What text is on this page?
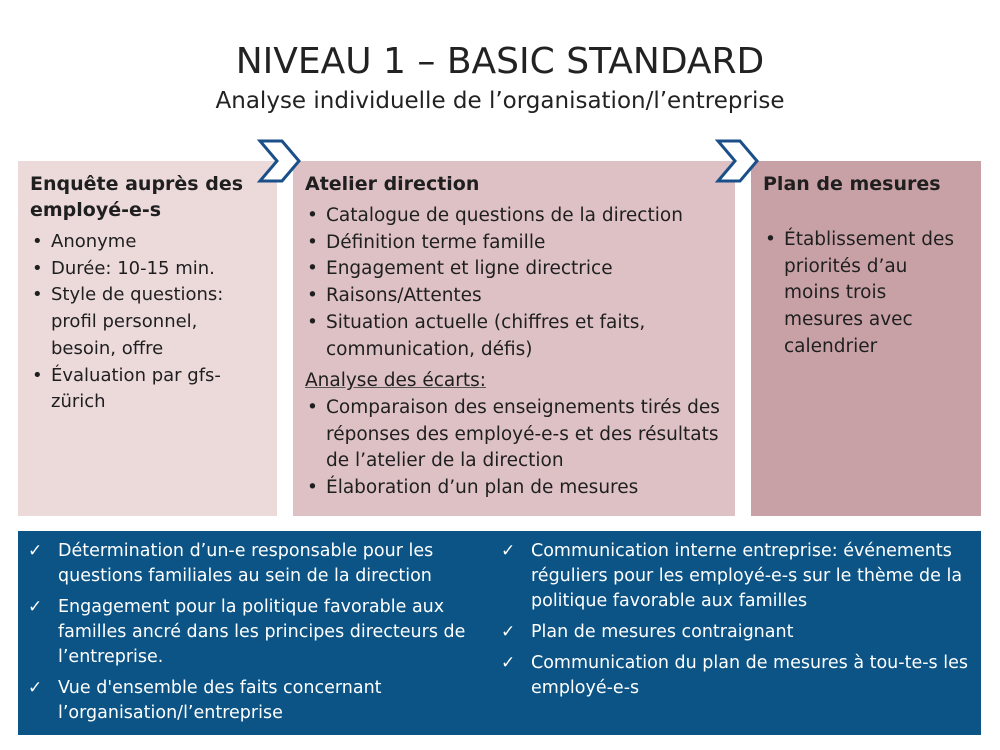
NIVEAU 1 – BASIC STANDARD
Analyse individuelle de l’organisation/l’entreprise
Enquête auprès des employé-e-s
• Anonyme
• Durée: 10-15 min.
• Style de questions: profil personnel, besoin, offre
• Évaluation par gfs-zürich
Atelier direction
• Catalogue de questions de la direction
• Définition terme famille
• Engagement et ligne directrice
• Raisons/Attentes
• Situation actuelle (chiffres et faits, communication, défis)
Analyse des écarts:
• Comparaison des enseignements tirés des réponses des employé-e-s et des résultats de l’atelier de la direction
• Élaboration d’un plan de mesures
Plan de mesures
• Établissement des priorités d’au moins trois mesures avec calendrier
✓ Détermination d’un-e responsable pour les questions familiales au sein de la direction
✓ Engagement pour la politique favorable aux familles ancré dans les principes directeurs de l’entreprise.
✓ Vue d'ensemble des faits concernant l’organisation/l’entreprise
✓ Communication interne entreprise: événements réguliers pour les employé-e-s sur le thème de la politique favorable aux familles
✓ Plan de mesures contraignant
✓ Communication du plan de mesures à tou-te-s les employé-e-s
